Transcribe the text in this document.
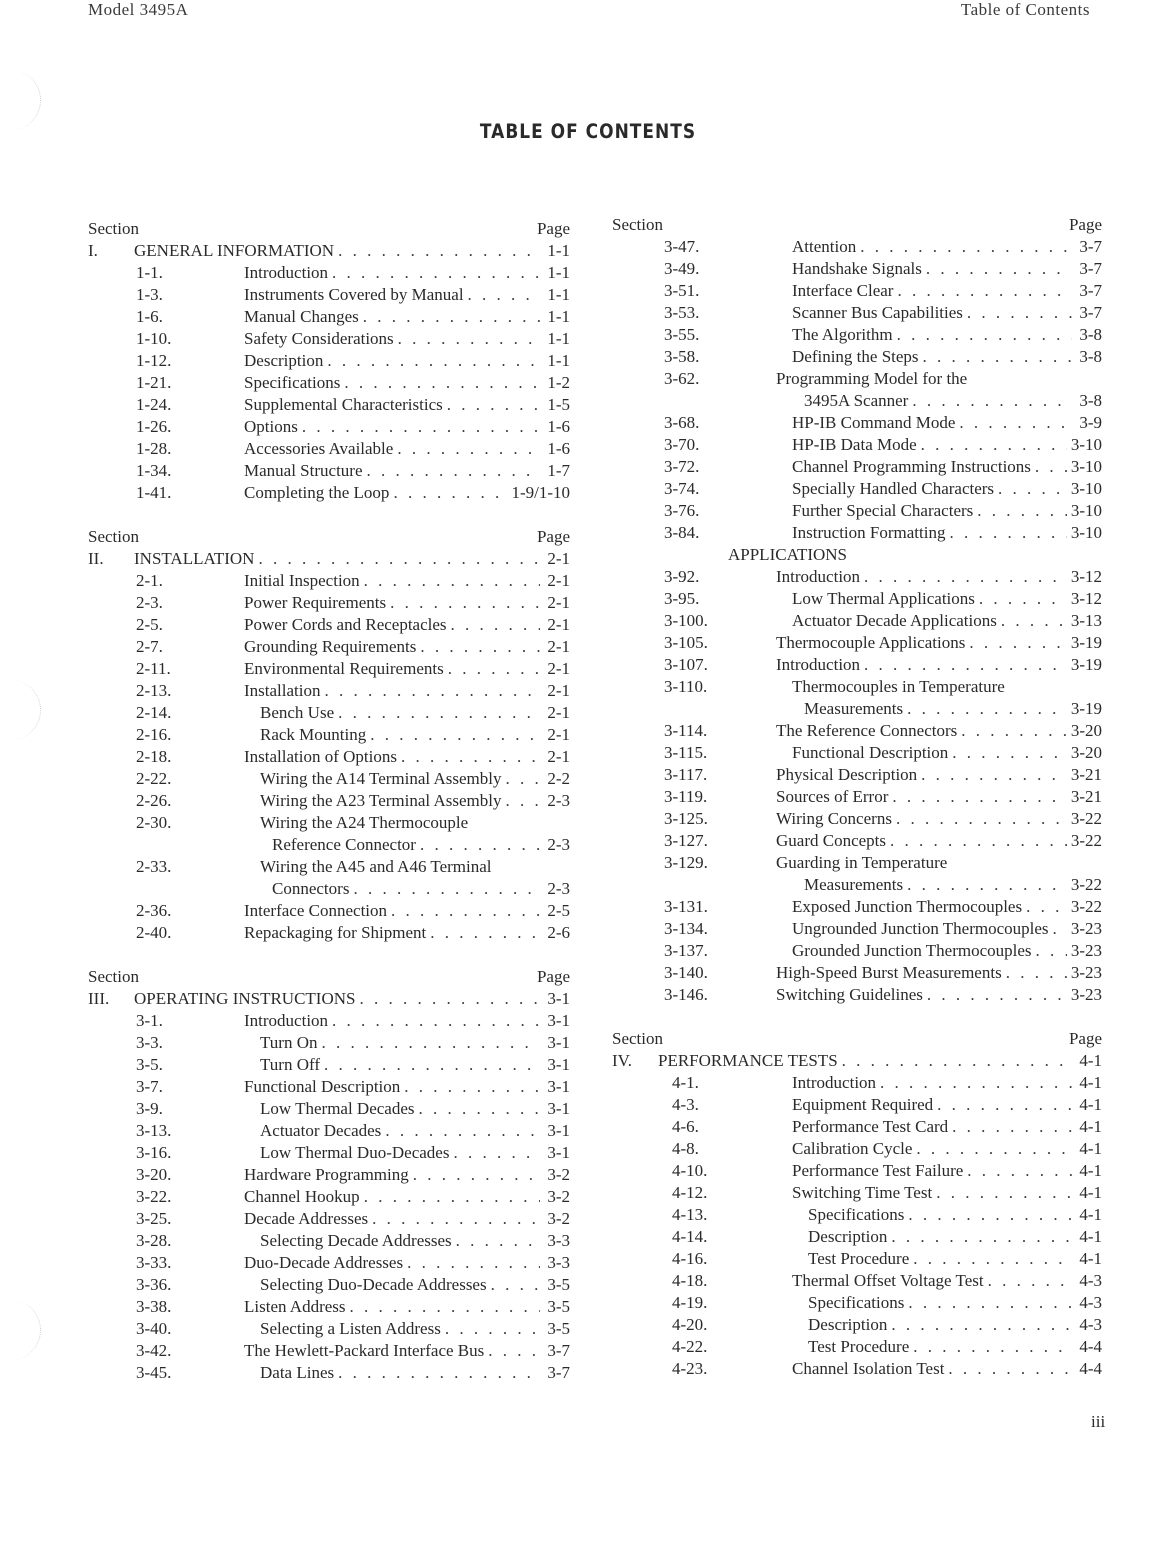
Model 3495A	Table of Contents
TABLE OF CONTENTS
Section	Page
I.	GENERAL INFORMATION . . .	1-1
1-1.	Introduction . . .	1-1
1-3.	Instruments Covered by Manual . . .	1-1
1-6.	Manual Changes . . .	1-1
1-10.	Safety Considerations . . .	1-1
1-12.	Description . . .	1-1
1-21.	Specifications . . .	1-2
1-24.	Supplemental Characteristics . . .	1-5
1-26.	Options . . .	1-6
1-28.	Accessories Available . . .	1-6
1-34.	Manual Structure . . .	1-7
1-41.	Completing the Loop . . .	1-9/1-10
Section	Page
II.	INSTALLATION . . .	2-1
2-1.	Initial Inspection . . .	2-1
2-3.	Power Requirements . . .	2-1
2-5.	Power Cords and Receptacles . . .	2-1
2-7.	Grounding Requirements . . .	2-1
2-11.	Environmental Requirements . . .	2-1
2-13.	Installation . . .	2-1
2-14.	Bench Use . . .	2-1
2-16.	Rack Mounting . . .	2-1
2-18.	Installation of Options . . .	2-1
2-22.	Wiring the A14 Terminal Assembly . . .	2-2
2-26.	Wiring the A23 Terminal Assembly . . .	2-3
2-30.	Wiring the A24 Thermocouple
Reference Connector . . .	2-3
2-33.	Wiring the A45 and A46 Terminal
Connectors . . .	2-3
2-36.	Interface Connection . . .	2-5
2-40.	Repackaging for Shipment . . .	2-6
Section	Page
III.	OPERATING INSTRUCTIONS . . .	3-1
3-1.	Introduction . . .	3-1
3-3.	Turn On . . .	3-1
3-5.	Turn Off . . .	3-1
3-7.	Functional Description . . .	3-1
3-9.	Low Thermal Decades . . .	3-1
3-13.	Actuator Decades . . .	3-1
3-16.	Low Thermal Duo-Decades . . .	3-1
3-20.	Hardware Programming . . .	3-2
3-22.	Channel Hookup . . .	3-2
3-25.	Decade Addresses . . .	3-2
3-28.	Selecting Decade Addresses . . .	3-3
3-33.	Duo-Decade Addresses . . .	3-3
3-36.	Selecting Duo-Decade Addresses . . .	3-5
3-38.	Listen Address . . .	3-5
3-40.	Selecting a Listen Address . . .	3-5
3-42.	The Hewlett-Packard Interface Bus . . .	3-7
3-45.	Data Lines . . .	3-7
Section	Page
3-47.	Attention . . .	3-7
3-49.	Handshake Signals . . .	3-7
3-51.	Interface Clear . . .	3-7
3-53.	Scanner Bus Capabilities . . .	3-7
3-55.	The Algorithm . . .	3-8
3-58.	Defining the Steps . . .	3-8
3-62.	Programming Model for the
3495A Scanner . . .	3-8
3-68.	HP-IB Command Mode . . .	3-9
3-70.	HP-IB Data Mode . . .	3-10
3-72.	Channel Programming Instructions . . . 3-10
3-74.	Specially Handled Characters . . .	3-10
3-76.	Further Special Characters . . .	3-10
3-84.	Instruction Formatting . . .	3-10
APPLICATIONS
3-92.	Introduction . . .	3-12
3-95.	Low Thermal Applications . . .	3-12
3-100.	Actuator Decade Applications . . .	3-13
3-105.	Thermocouple Applications . . .	3-19
3-107.	Introduction . . .	3-19
3-110.	Thermocouples in Temperature
Measurements . . .	3-19
3-114.	The Reference Connectors . . .	3-20
3-115.	Functional Description . . .	3-20
3-117.	Physical Description . . .	3-21
3-119.	Sources of Error . . .	3-21
3-125.	Wiring Concerns . . .	3-22
3-127.	Guard Concepts . . .	3-22
3-129.	Guarding in Temperature
Measurements . . .	3-22
3-131.	Exposed Junction Thermocouples . . .	3-22
3-134.	Ungrounded Junction Thermocouples . . . 3-23
3-137.	Grounded Junction Thermocouples . . . 3-23
3-140.	High-Speed Burst Measurements . . .	3-23
3-146.	Switching Guidelines . . .	3-23
Section	Page
IV.	PERFORMANCE TESTS . . .	4-1
4-1.	Introduction . . .	4-1
4-3.	Equipment Required . . .	4-1
4-6.	Performance Test Card . . .	4-1
4-8.	Calibration Cycle . . .	4-1
4-10.	Performance Test Failure . . .	4-1
4-12.	Switching Time Test . . .	4-1
4-13.	Specifications . . .	4-1
4-14.	Description . . .	4-1
4-16.	Test Procedure . . .	4-1
4-18.	Thermal Offset Voltage Test . . .	4-3
4-19.	Specifications . . .	4-3
4-20.	Description . . .	4-3
4-22.	Test Procedure . . .	4-4
4-23.	Channel Isolation Test . . .	4-4
iii
